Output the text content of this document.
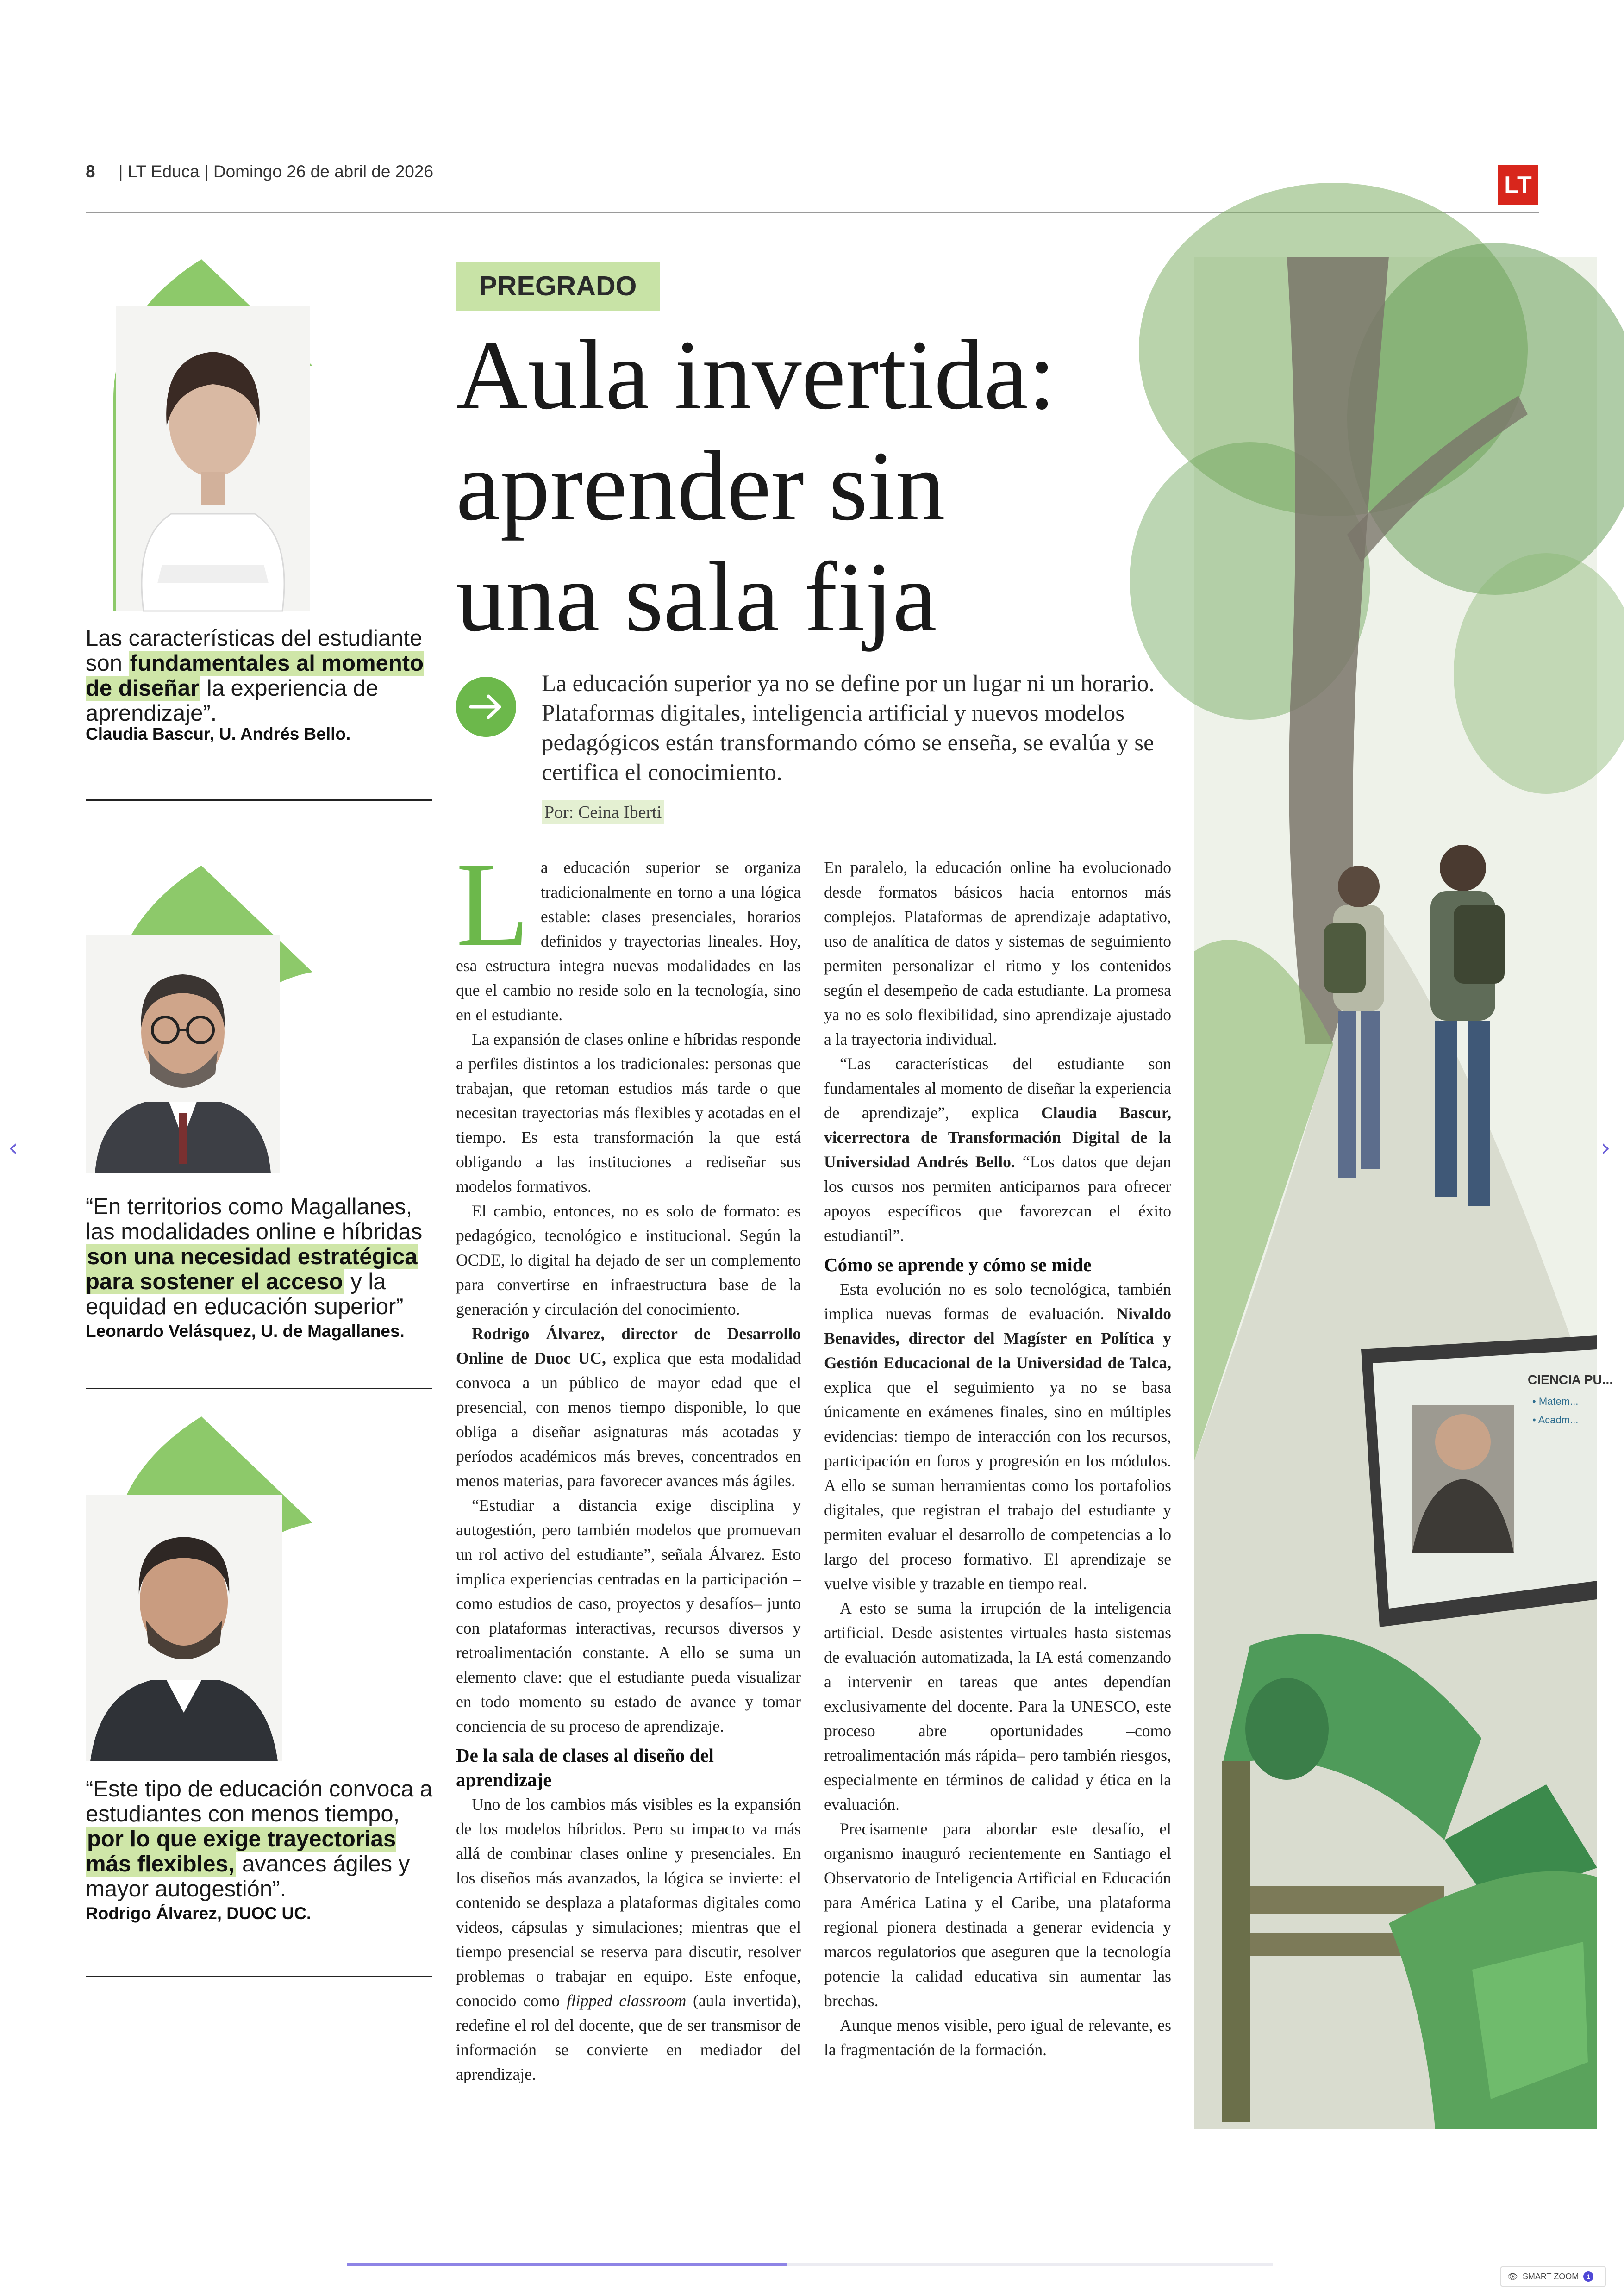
8 | LT Educa | Domingo 26 de abril de 2026
LT
Las características del estudiante son fundamentales al momento de diseñar la experiencia de aprendizaje”.
Claudia Bascur, U. Andrés Bello.
“En territorios como Magallanes, las modalidades online e híbridas son una necesidad estratégica para sostener el acceso y la equidad en educación superior”
Leonardo Velásquez, U. de Magallanes.
“Este tipo de educación convoca a estudiantes con menos tiempo, por lo que exige trayectorias más flexibles, avances ágiles y mayor autogestión”.
Rodrigo Álvarez, DUOC UC.
PREGRADO
Aula invertida:
aprender sin
una sala fija
La educación superior ya no se define por un lugar ni un horario. Plataformas digitales, inteligencia artificial y nuevos modelos pedagógicos están transformando cómo se enseña, se evalúa y se certifica el conocimiento.
Por: Ceina Iberti
L a educación superior se organiza tradicionalmente en torno a una lógica estable: clases presenciales, horarios definidos y trayectorias lineales. Hoy, esa estructura integra nuevas modalidades en las que el cambio no reside solo en la tecnología, sino en el estudiante.

La expansión de clases online e híbridas responde a perfiles distintos a los tradicionales: personas que trabajan, que retoman estudios más tarde o que necesitan trayectorias más flexibles y acotadas en el tiempo. Es esta transformación la que está obligando a las instituciones a rediseñar sus modelos formativos.

El cambio, entonces, no es solo de formato: es pedagógico, tecnológico e institucional. Según la OCDE, lo digital ha dejado de ser un complemento para convertirse en infraestructura base de la generación y circulación del conocimiento.

Rodrigo Álvarez, director de Desarrollo Online de Duoc UC, explica que esta modalidad convoca a un público de mayor edad que el presencial, con menos tiempo disponible, lo que obliga a diseñar asignaturas más acotadas y períodos académicos más breves, concentrados en menos materias, para favorecer avances más ágiles.

“Estudiar a distancia exige disciplina y autogestión, pero también modelos que promuevan un rol activo del estudiante”, señala Álvarez. Esto implica experiencias centradas en la participación –como estudios de caso, proyectos y desafíos– junto con plataformas interactivas, recursos diversos y retroalimentación constante. A ello se suma un elemento clave: que el estudiante pueda visualizar en todo momento su estado de avance y tomar conciencia de su proceso de aprendizaje.

De la sala de clases al diseño del aprendizaje

Uno de los cambios más visibles es la expansión de los modelos híbridos. Pero su impacto va más allá de combinar clases online y presenciales. En los diseños más avanzados, la lógica se invierte: el contenido se desplaza a plataformas digitales como videos, cápsulas y simulaciones; mientras que el tiempo presencial se reserva para discutir, resolver problemas o trabajar en equipo. Este enfoque, conocido como flipped classroom (aula invertida), redefine el rol del docente, que de ser transmisor de información se convierte en mediador del aprendizaje.

En paralelo, la educación online ha evolucionado desde formatos básicos hacia entornos más complejos. Plataformas de aprendizaje adaptativo, uso de analítica de datos y sistemas de seguimiento permiten personalizar el ritmo y los contenidos según el desempeño de cada estudiante. La promesa ya no es solo flexibilidad, sino aprendizaje ajustado a la trayectoria individual.

“Las características del estudiante son fundamentales al momento de diseñar la experiencia de aprendizaje”, explica Claudia Bascur, vicerrectora de Transformación Digital de la Universidad Andrés Bello. “Los datos que dejan los cursos nos permiten anticiparnos para ofrecer apoyos específicos que favorezcan el éxito estudiantil”.

Cómo se aprende y cómo se mide

Esta evolución no es solo tecnológica, también implica nuevas formas de evaluación. Nivaldo Benavides, director del Magíster en Política y Gestión Educacional de la Universidad de Talca, explica que el seguimiento ya no se basa únicamente en exámenes finales, sino en múltiples evidencias: tiempo de interacción con los recursos, participación en foros y progresión en los módulos. A ello se suman herramientas como los portafolios digitales, que registran el trabajo del estudiante y permiten evaluar el desarrollo de competencias a lo largo del proceso formativo. El aprendizaje se vuelve visible y trazable en tiempo real.

A esto se suma la irrupción de la inteligencia artificial. Desde asistentes virtuales hasta sistemas de evaluación automatizada, la IA está comenzando a intervenir en tareas que antes dependían exclusivamente del docente. Para la UNESCO, este proceso abre oportunidades –como retroalimentación más rápida– pero también riesgos, especialmente en términos de calidad y ética en la evaluación.

Precisamente para abordar este desafío, el organismo inauguró recientemente en Santiago el Observatorio de Inteligencia Artificial en Educación para América Latina y el Caribe, una plataforma regional pionera destinada a generar evidencia y marcos regulatorios que aseguren que la tecnología potencie la calidad educativa sin aumentar las brechas.

Aunque menos visible, pero igual de relevante, es la fragmentación de la formación.

CIENCIA PU...
• Matem...
• Acadm...
‹	›
👁 SMART ZOOM	1
